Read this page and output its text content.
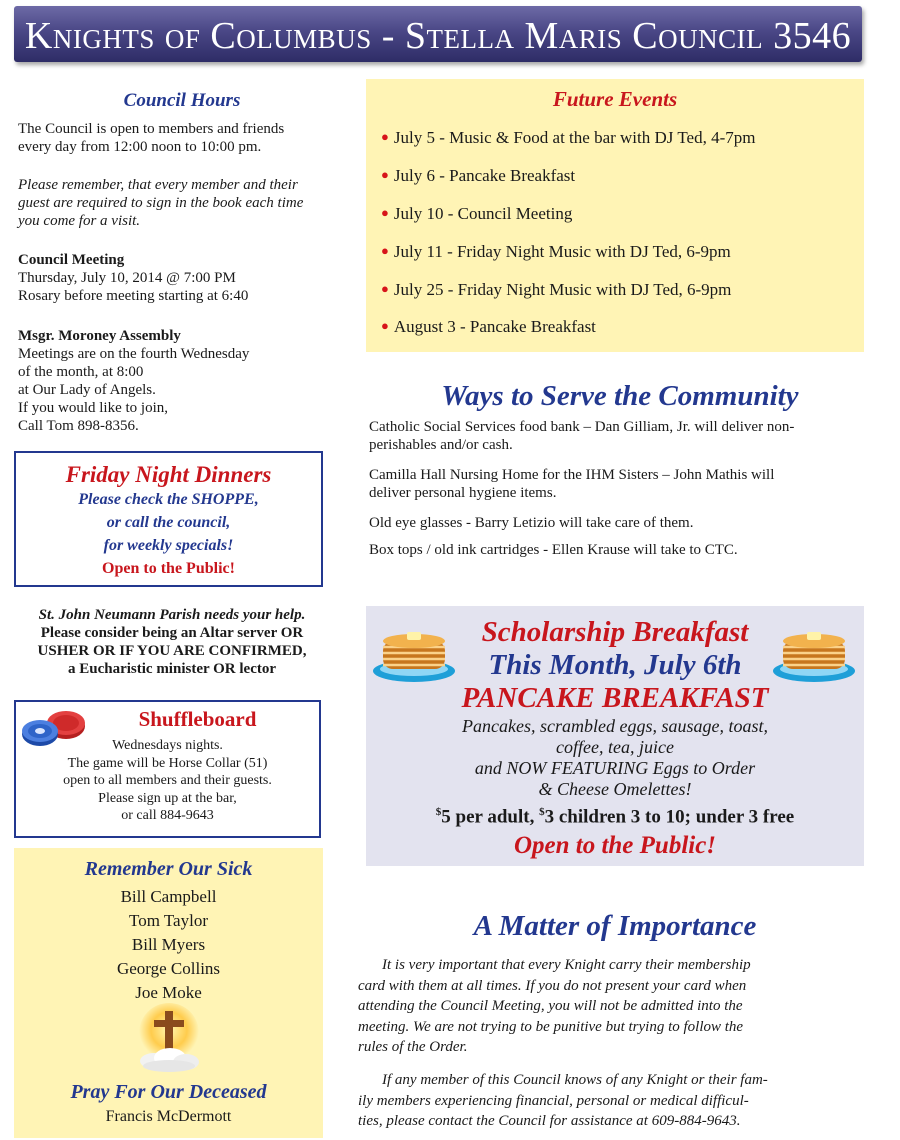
Knights of Columbus - Stella Maris Council 3546
Council Hours

The Council is open to members and friends

every day from 12:00 noon to 10:00 pm.

Please remember, that every member and their

guest are required to sign in the book each time

you come for a visit.

Council Meeting

Thursday, July 10, 2014 @ 7:00 PM

Rosary before meeting starting at 6:40

Msgr. Moroney Assembly

Meetings are on the fourth Wednesday

of the month, at 8:00

at Our Lady of Angels.

If you would like to join,

Call Tom 898-8356.

Future Events
● July 5 - Music & Food at the bar with DJ Ted, 4-7pm
● July 6 - Pancake Breakfast
● July 10 - Council Meeting
● July 11 - Friday Night Music with DJ Ted, 6-9pm
● July 25 - Friday Night Music with DJ Ted, 6-9pm
● August 3 - Pancake Breakfast
Ways to Serve the Community

Catholic Social Services food bank – Dan Gilliam, Jr. will deliver non-

perishables and/or cash.

Camilla Hall Nursing Home for the IHM Sisters – John Mathis will

deliver personal hygiene items.

Old eye glasses - Barry Letizio will take care of them.
Box tops / old ink cartridges - Ellen Krause will take to CTC.
Friday Night Dinners
Please check the SHOPPE,
or call the council,
for weekly specials!
Open to the Public!

St. John Neumann Parish needs your help.

Please consider being an Altar server OR

USHER OR IF YOU ARE CONFIRMED,

a Eucharistic minister OR lector

Shuffleboard

Wednesdays nights.

The game will be Horse Collar (51)

open to all members and their guests.

Please sign up at the bar,

or call 884-9643

Remember Our Sick

Bill Campbell

Tom Taylor

Bill Myers

George Collins

Joe Moke

Pray For Our Deceased
Francis McDermott
Scholarship Breakfast
This Month, July 6th
PANCAKE BREAKFAST

Pancakes, scrambled eggs, sausage, toast,

coffee, tea, juice

and NOW FEATURING Eggs to Order

& Cheese Omelettes!

$5 per adult, $3 children 3 to 10; under 3 free
Open to the Public!
A Matter of Importance

It is very important that every Knight carry their membership

card with them at all times. If you do not present your card when

attending the Council Meeting, you will not be admitted into the

meeting. We are not trying to be punitive but trying to follow the

rules of the Order.

If any member of this Council knows of any Knight or their fam-

ily members experiencing financial, personal or medical difficul-

ties, please contact the Council for assistance at 609-884-9643.
